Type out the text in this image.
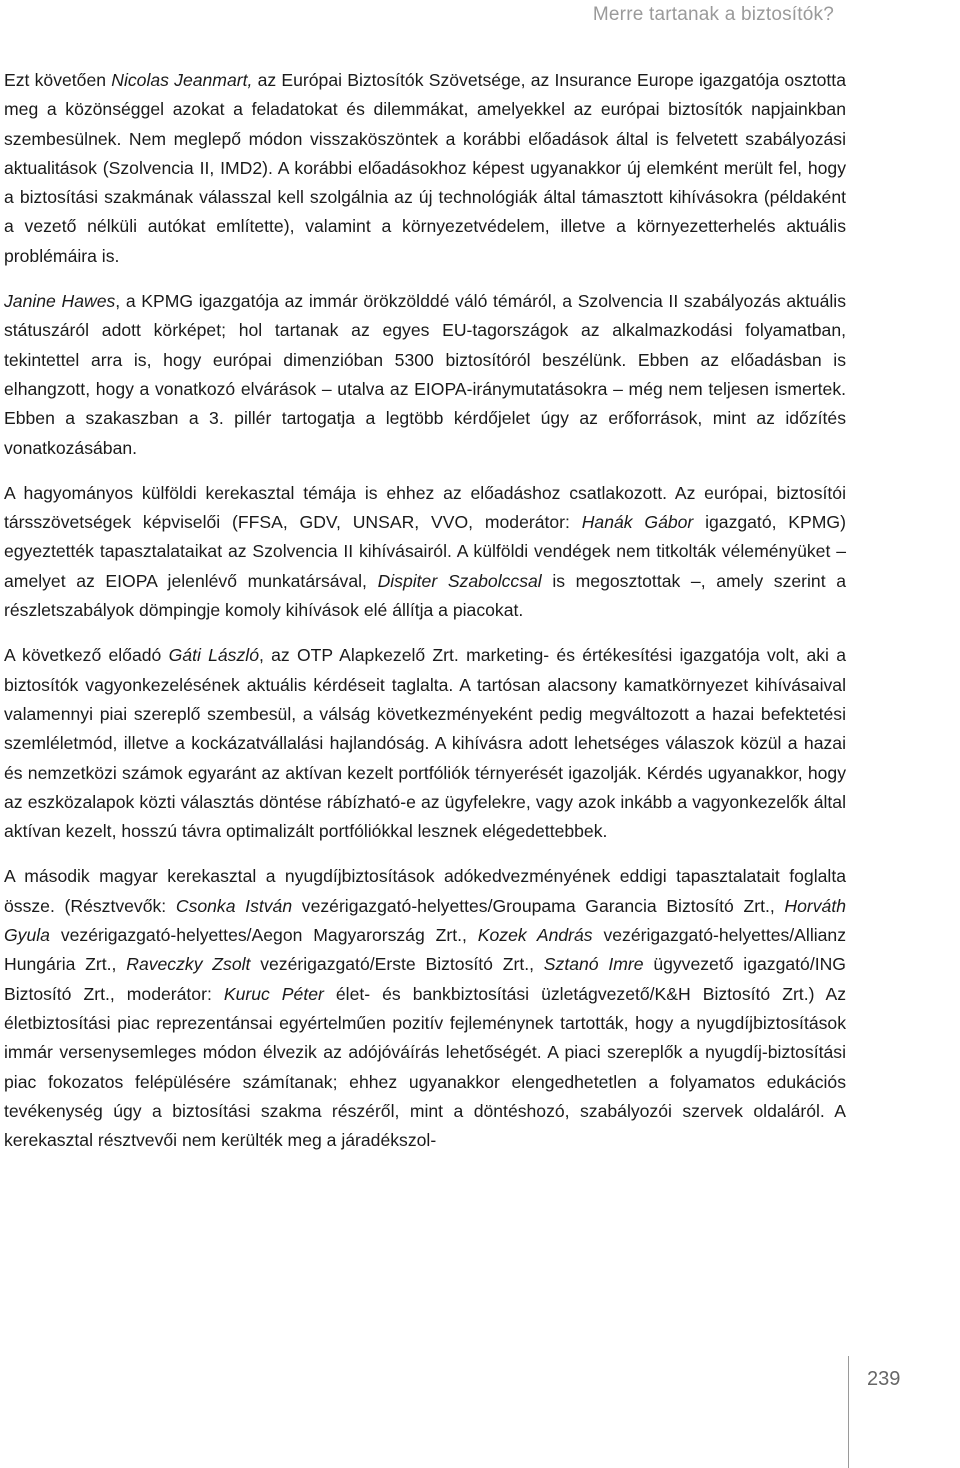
Merre tartanak a biztosítók?

Ezt követően Nicolas Jeanmart, az Európai Biztosítók Szövetsége, az Insurance Europe igazgatója osztotta meg a közönséggel azokat a feladatokat és dilemmákat, amelyekkel az európai biztosítók napjainkban szembesülnek. Nem meglepő módon visszaköszöntek a korábbi előadások által is felvetett szabályozási aktualitások (Szolvencia II, IMD2). A korábbi előadásokhoz képest ugyanakkor új elemként merült fel, hogy a biztosítási szakmának válasszal kell szolgálnia az új technológiák által támasztott kihívásokra (példaként a vezető nélküli autókat említette), valamint a környezetvédelem, illetve a környezetterhelés aktuális problémáira is.

Janine Hawes, a KPMG igazgatója az immár örökzölddé váló témáról, a Szolvencia II szabályozás aktuális státuszáról adott körképet; hol tartanak az egyes EU-tagországok az alkalmazkodási folyamatban, tekintettel arra is, hogy európai dimenzióban 5300 biztosítóról beszélünk. Ebben az előadásban is elhangzott, hogy a vonatkozó elvárások – utalva az EIOPA-iránymutatásokra – még nem teljesen ismertek. Ebben a szakaszban a 3. pillér tartogatja a legtöbb kérdőjelet úgy az erőforrások, mint az időzítés vonatkozásában.

A hagyományos külföldi kerekasztal témája is ehhez az előadáshoz csatlakozott. Az európai, biztosítói társszövetségek képviselői (FFSA, GDV, UNSAR, VVO, moderátor: Hanák Gábor igazgató, KPMG) egyeztették tapasztalataikat az Szolvencia II kihívásairól. A külföldi vendégek nem titkolták véleményüket – amelyet az EIOPA jelenlévő munkatársával, Dispiter Szabolccsal is megosztottak –, amely szerint a részletszabályok dömpingje komoly kihívások elé állítja a piacokat.

A következő előadó Gáti László, az OTP Alapkezelő Zrt. marketing- és értékesítési igazgatója volt, aki a biztosítók vagyonkezelésének aktuális kérdéseit taglalta. A tartósan alacsony kamatkörnyezet kihívásaival valamennyi piai szereplő szembesül, a válság következményeként pedig megváltozott a hazai befektetési szemléletmód, illetve a kockázatvállalási hajlandóság. A kihívásra adott lehetséges válaszok közül a hazai és nemzetközi számok egyaránt az aktívan kezelt portfóliók térnyerését igazolják. Kérdés ugyanakkor, hogy az eszközalapok közti választás döntése rábízható-e az ügyfelekre, vagy azok inkább a vagyonkezelők által aktívan kezelt, hosszú távra optimalizált portfóliókkal lesznek elégedettebbek.

A második magyar kerekasztal a nyugdíjbiztosítások adókedvezményének eddigi tapasztalatait foglalta össze. (Résztvevők: Csonka István vezérigazgató-helyettes/Groupama Garancia Biztosító Zrt., Horváth Gyula vezérigazgató-helyettes/Aegon Magyarország Zrt., Kozek András vezérigazgató-helyettes/Allianz Hungária Zrt., Raveczky Zsolt vezérigazgató/Erste Biztosító Zrt., Sztanó Imre ügyvezető igazgató/ING Biztosító Zrt., moderátor: Kuruc Péter élet- és bankbiztosítási üzletágvezető/K&H Biztosító Zrt.) Az életbiztosítási piac reprezentánsai egyértelműen pozitív fejleménynek tartották, hogy a nyugdíjbiztosítások immár versenysemleges módon élvezik az adójóváírás lehetőségét. A piaci szereplők a nyugdíj-biztosítási piac fokozatos felépülésére számítanak; ehhez ugyanakkor elengedhetetlen a folyamatos edukációs tevékenység úgy a biztosítási szakma részéről, mint a döntéshozó, szabályozói szervek oldaláról. A kerekasztal résztvevői nem kerülték meg a járadékszol-

239
